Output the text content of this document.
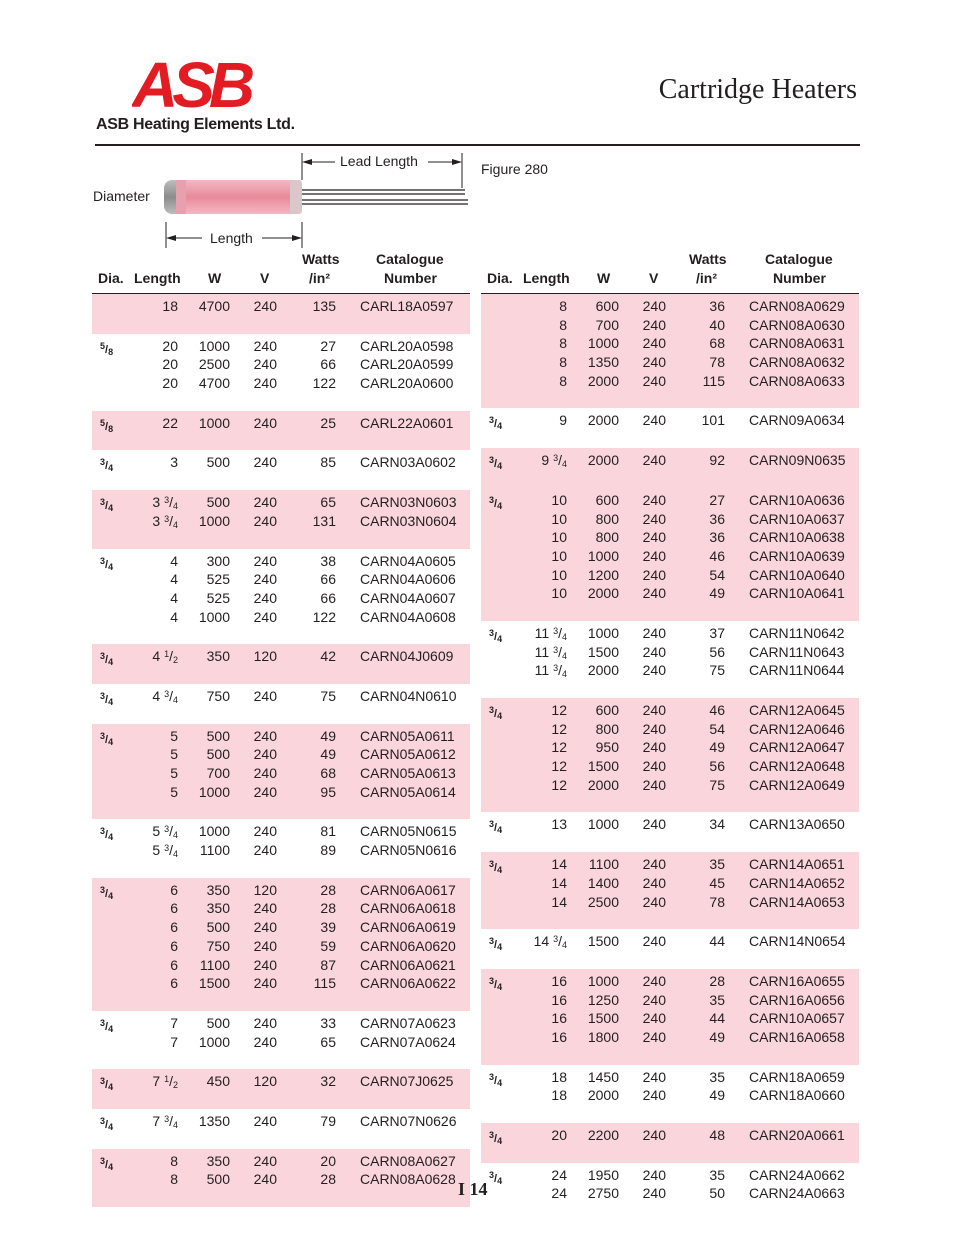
ASB
ASB Heating Elements Ltd.
Cartridge Heaters
Lead Length
Diameter
Length
Figure 280
Dia. Length W	V
Watts
/in²
Catalogue
Number
18	4700	240	135 CARL18A0597
$^5/_8$	20	1000	240	27 CARL20A0598
20	2500	240	66 CARL20A0599
20	4700	240	122 CARL20A0600
$^5/_8$	22	1000	240	25 CARL22A0601
$^3/_4$	3	500	240	85 CARN03A0602
$^3/_4$	3 $^3/_4$	500	240	65 CARN03N0603
3 $^3/_4$	1000	240	131 CARN03N0604
$^3/_4$	4	300	240	38 CARN04A0605
4	525	240	66 CARN04A0606
4	525	240	66 CARN04A0607
4	1000	240	122 CARN04A0608
$^3/_4$	4 $^1/_2$	350	120	42 CARN04J0609
$^3/_4$	4 $^3/_4$	750	240	75 CARN04N0610
$^3/_4$	5	500	240	49 CARN05A0611
5	500	240	49 CARN05A0612
5	700	240	68 CARN05A0613
5	1000	240	95 CARN05A0614
$^3/_4$	5 $^3/_4$	1000	240	81 CARN05N0615
5 $^3/_4$	1100	240	89 CARN05N0616
$^3/_4$	6	350	120	28 CARN06A0617
6	350	240	28 CARN06A0618
6	500	240	39 CARN06A0619
6	750	240	59 CARN06A0620
6	1100	240	87 CARN06A0621
6	1500	240	115 CARN06A0622
$^3/_4$	7	500	240	33 CARN07A0623
7	1000	240	65 CARN07A0624
$^3/_4$	7 $^1/_2$	450	120	32 CARN07J0625
$^3/_4$	7 $^3/_4$	1350	240	79 CARN07N0626
$^3/_4$	8	350	240	20 CARN08A0627
8	500	240	28 CARN08A0628
Dia. Length W	V
Watts
/in²
Catalogue
Number
8	600	240	36 CARN08A0629
8	700	240	40 CARN08A0630
8	1000	240	68 CARN08A0631
8	1350	240	78 CARN08A0632
8	2000	240	115 CARN08A0633
$^3/_4$	9	2000	240	101 CARN09A0634
$^3/_4$	9 $^3/_4$	2000	240	92 CARN09N0635
$^3/_4$	10	600	240	27 CARN10A0636
10	800	240	36 CARN10A0637
10	800	240	36 CARN10A0638
10	1000	240	46 CARN10A0639
10	1200	240	54 CARN10A0640
10	2000	240	49 CARN10A0641
$^3/_4$	11 $^3/_4$	1000	240	37 CARN11N0642
11 $^3/_4$	1500	240	56 CARN11N0643
11 $^3/_4$	2000	240	75 CARN11N0644
$^3/_4$	12	600	240	46 CARN12A0645
12	800	240	54 CARN12A0646
12	950	240	49 CARN12A0647
12	1500	240	56 CARN12A0648
12	2000	240	75 CARN12A0649
$^3/_4$	13	1000	240	34 CARN13A0650
$^3/_4$	14	1100	240	35 CARN14A0651
14	1400	240	45 CARN14A0652
14	2500	240	78 CARN14A0653
$^3/_4$	14 $^3/_4$	1500	240	44 CARN14N0654
$^3/_4$	16	1000	240	28 CARN16A0655
16	1250	240	35 CARN16A0656
16	1500	240	44 CARN10A0657
16	1800	240	49 CARN16A0658
$^3/_4$	18	1450	240	35 CARN18A0659
18	2000	240	49 CARN18A0660
$^3/_4$	20	2200	240	48 CARN20A0661
$^3/_4$	24	1950	240	35 CARN24A0662
24	2750	240	50 CARN24A0663
I 14
